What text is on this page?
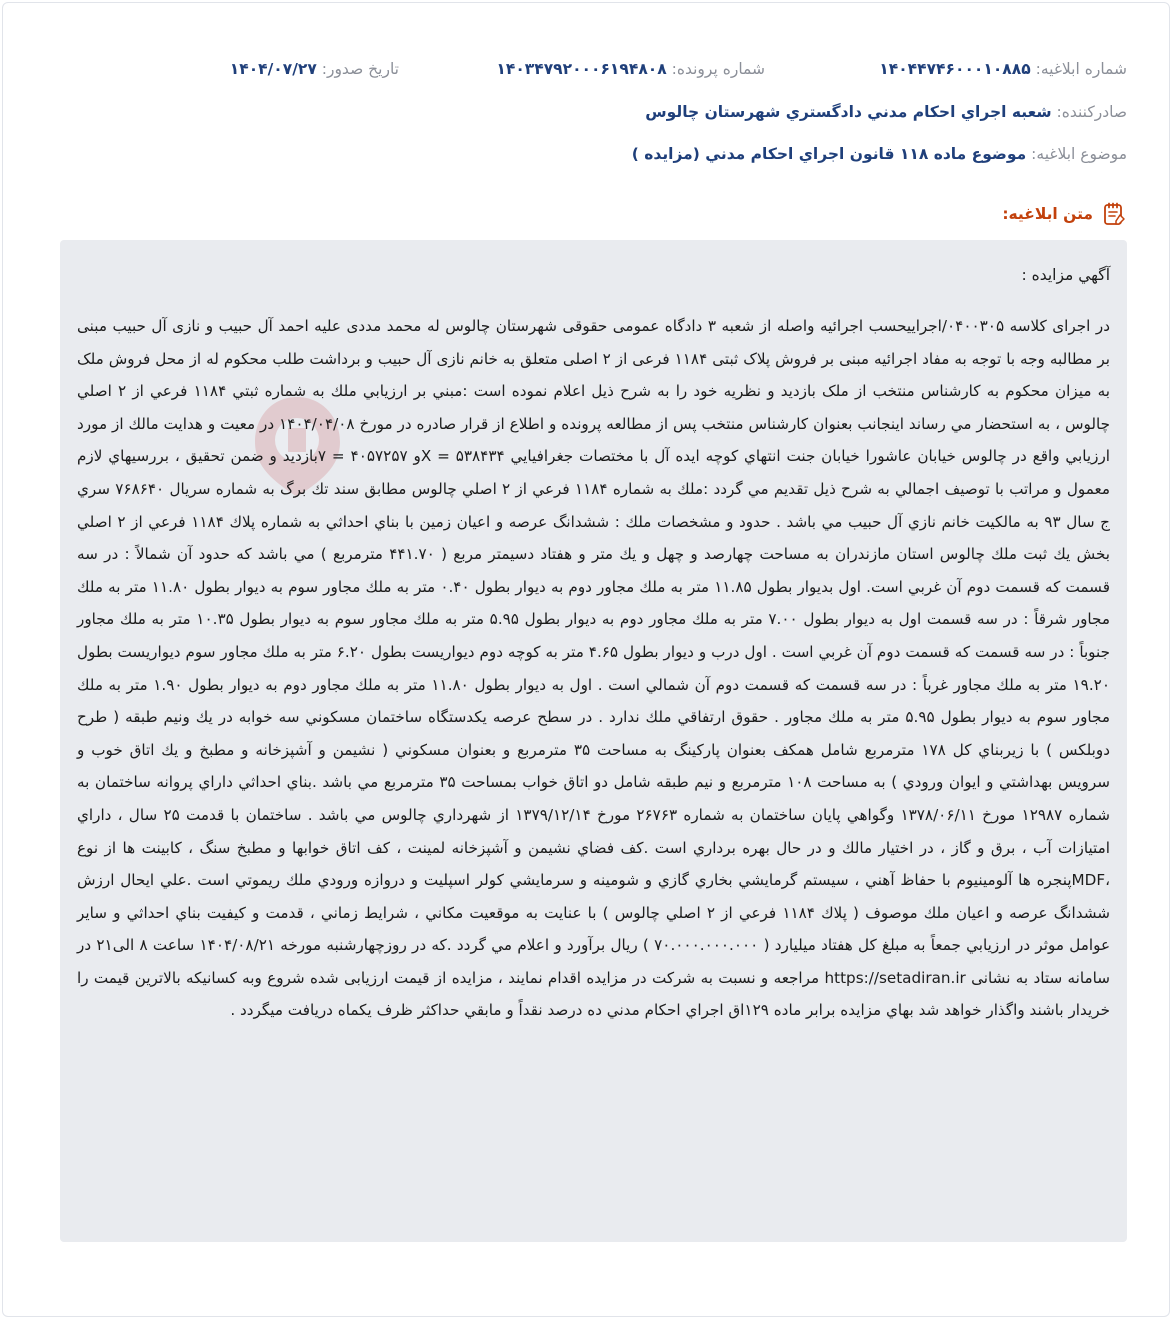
شماره ابلاغيه: ۱۴۰۴۴۷۴۶۰۰۰۱۰۸۸۵
شماره پرونده: ۱۴۰۳۴۷۹۲۰۰۰۶۱۹۴۸۰۸
تاريخ صدور: ۱۴۰۴/۰۷/۲۷
صادرکننده: شعبه اجراي احکام مدني دادگستري شهرستان چالوس
موضوع ابلاغيه: موضوع ماده ۱۱۸ قانون اجراي احکام مدني (مزايده )
متن ابلاغيه:
آگهي مزايده :

در اجرای کلاسه ۰۴۰۰۳۰۵/اجراییحسب اجرائیه واصله از شعبه ۳ دادگاه عمومی حقوقی شهرستان چالوس له محمد مددی علیه احمد آل حبیب و نازی آل حبیب مبنی بر مطالبه وجه با توجه به مفاد اجرائیه مبنی بر فروش پلاک ثبتی ۱۱۸۴ فرعی از ۲ اصلی متعلق به خانم نازی آل حبیب و برداشت طلب محکوم له از محل فروش ملک به میزان محکوم به کارشناس منتخب از ملک بازدید و نظریه خود را به شرح ذیل اعلام نموده است :مبني بر ارزيابي ملك به شماره ثبتي ۱۱۸۴ فرعي از ۲ اصلي چالوس ، به استحضار مي رساند اينجانب بعنوان كارشناس منتخب پس از مطالعه پرونده و اطلاع از قرار صادره در مورخ ۱۴۰۴/۰۴/۰۸ در معيت و هدايت مالك از مورد ارزيابي واقع در چالوس خيابان عاشورا خيابان جنت انتهاي كوچه ايده آل با مختصات جغرافيايي ۵۳۸۴۳۴ = Xو ۴۰۵۷۲۵۷ = ۷بازديد و ضمن تحقيق ، بررسيهاي لازم معمول و مراتب با توصيف اجمالي به شرح ذيل تقديم مي گردد :ملك به شماره ۱۱۸۴ فرعي از ۲ اصلي چالوس مطابق سند تك برگ به شماره سريال ۷۶۸۶۴۰ سري ج سال ۹۳ به مالكيت خانم نازي آل حبيب مي باشد . حدود و مشخصات ملك : ششدانگ عرصه و اعيان زمين با بناي احداثي به شماره پلاك ۱۱۸۴ فرعي از ۲ اصلي بخش يك ثبت ملك چالوس استان مازندران به مساحت چهارصد و چهل و يك متر و هفتاد دسيمتر مربع ( ۴۴۱.۷۰ مترمربع ) مي باشد كه حدود آن شمالاً : در سه قسمت كه قسمت دوم آن غربي است. اول بديوار بطول ۱۱.۸۵ متر به ملك مجاور دوم به ديوار بطول ۰.۴۰ متر به ملك مجاور سوم به ديوار بطول ۱۱.۸۰ متر به ملك مجاور شرقاً : در سه قسمت اول به ديوار بطول ۷.۰۰ متر به ملك مجاور دوم به ديوار بطول ۵.۹۵ متر به ملك مجاور سوم به ديوار بطول ۱۰.۳۵ متر به ملك مجاور جنوباً : در سه قسمت كه قسمت دوم آن غربي است . اول درب و ديوار بطول ۴.۶۵ متر به كوچه دوم ديواريست بطول ۶.۲۰ متر به ملك مجاور سوم ديواريست بطول ۱۹.۲۰ متر به ملك مجاور غرباً : در سه قسمت كه قسمت دوم آن شمالي است . اول به ديوار بطول ۱۱.۸۰ متر به ملك مجاور دوم به ديوار بطول ۱.۹۰ متر به ملك مجاور سوم به ديوار بطول ۵.۹۵ متر به ملك مجاور . حقوق ارتفاقي ملك ندارد . در سطح عرصه يكدستگاه ساختمان مسكوني سه خوابه در يك ونيم طبقه ( طرح دوبلكس ) با زيربناي كل ۱۷۸ مترمربع شامل همكف بعنوان پاركينگ به مساحت ۳۵ مترمربع و بعنوان مسكوني ( نشيمن و آشپزخانه و مطبخ و يك اتاق خوب و سرويس بهداشتي و ايوان ورودي ) به مساحت ۱۰۸ مترمربع و نيم طبقه شامل دو اتاق خواب بمساحت ۳۵ مترمربع مي باشد .بناي احداثي داراي پروانه ساختمان به شماره ۱۲۹۸۷ مورخ ۱۳۷۸/۰۶/۱۱ وگواهي پايان ساختمان به شماره ۲۶۷۶۳ مورخ ۱۳۷۹/۱۲/۱۴ از شهرداري چالوس مي باشد . ساختمان با قدمت ۲۵ سال ، داراي امتيازات آب ، برق و گاز ، در اختيار مالك و در حال بهره برداري است .كف فضاي نشيمن و آشپزخانه لمينت ، كف اتاق خوابها و مطبخ سنگ ، كابينت ها از نوع ،MDFپنجره ها آلومينيوم با حفاظ آهني ، سيستم گرمايشي بخاري گازي و شومينه و سرمايشي كولر اسپليت و دروازه ورودي ملك ريموتي است .علي ايحال ارزش ششدانگ عرصه و اعيان ملك موصوف ( پلاك ۱۱۸۴ فرعي از ۲ اصلي چالوس ) با عنايت به موقعيت مكاني ، شرايط زماني ، قدمت و كيفيت بناي احداثي و ساير عوامل موثر در ارزيابي جمعاً به مبلغ كل هفتاد ميليارد ( ۷۰.۰۰۰.۰۰۰.۰۰۰ ) ريال برآورد و اعلام مي گردد .كه در روزچهارشنبه مورخه ۱۴۰۴/۰۸/۲۱ ساعت ۸ الی۲۱ در سامانه ستاد به نشانی https://setadiran.ir مراجعه و نسبت به شرکت در مزایده اقدام نمایند ، مزایده از قیمت ارزیابی شده شروع وبه کسانیکه بالاترین قیمت را خریدار باشند واگذار خواهد شد بهاي مزايده برابر ماده ۱۲۹اق اجراي احكام مدني ده درصد نقداً و مابقي حداكثر ظرف يكماه دريافت ميگردد .
